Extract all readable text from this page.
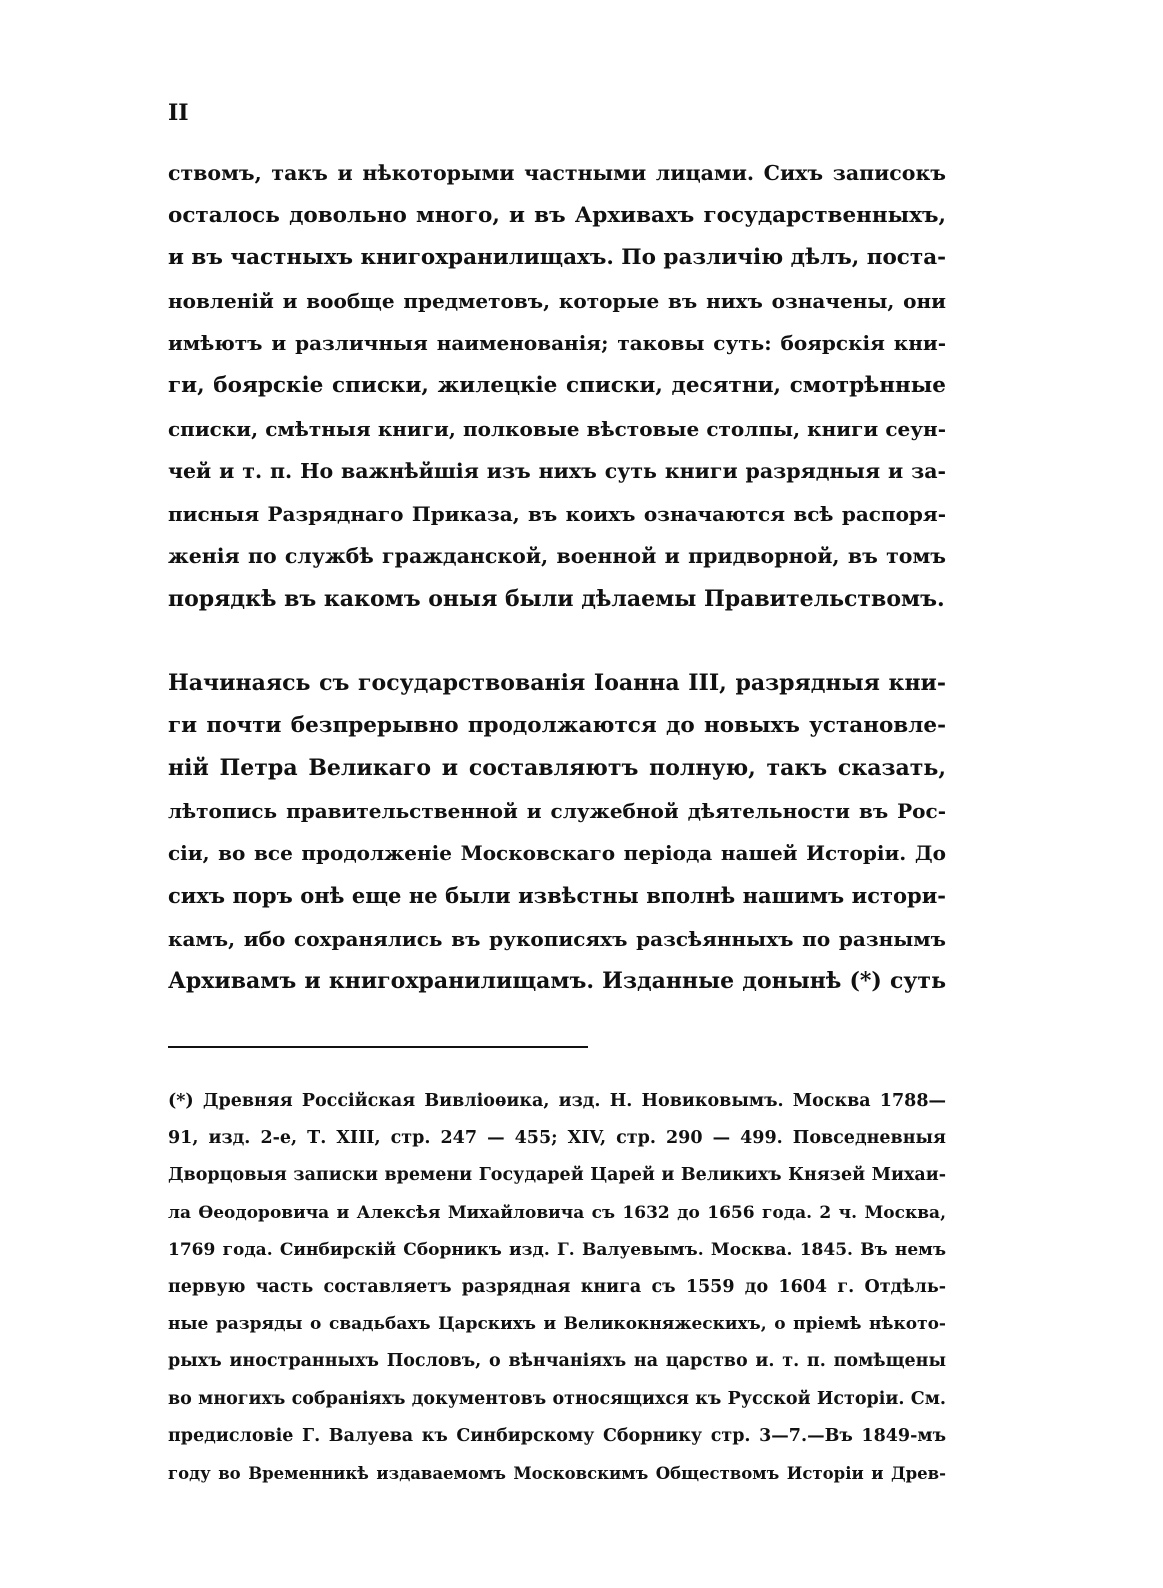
II
ствомъ, такъ и нѣкоторыми частными лицами. Сихъ записокъ
осталось довольно много, и въ Архивахъ государственныхъ,
и въ частныхъ книгохранилищахъ. По различію дѣлъ, поста-
новленій и вообще предметовъ, которые въ нихъ означены, они
имѣютъ и различныя наименованія; таковы суть: боярскія кни-
ги, боярскіе списки, жилецкіе списки, десятни, смотрѣнные
списки, смѣтныя книги, полковые вѣстовые столпы, книги сеун-
чей и т. п. Но важнѣйшія изъ нихъ суть книги разрядныя и за-
писныя Разряднаго Приказа, въ коихъ означаются всѣ распоря-
женія по службѣ гражданской, военной и придворной, въ томъ
порядкѣ въ какомъ оныя были дѣлаемы Правительствомъ.
Начинаясь съ государствованія Іоанна III, разрядныя кни-
ги почти безпрерывно продолжаются до новыхъ установле-
ній Петра Великаго и составляютъ полную, такъ сказать,
лѣтопись правительственной и служебной дѣятельности въ Рос-
сіи, во все продолженіе Московскаго періода нашей Исторіи. До
сихъ поръ онѣ еще не были извѣстны вполнѣ нашимъ истори-
камъ, ибо сохранялись въ рукописяхъ разсѣянныхъ по разнымъ
Архивамъ и книгохранилищамъ. Изданные донынѣ (*) суть
(*) Древняя Россійская Вивліоѳика, изд. Н. Новиковымъ. Москва 1788—
91, изд. 2-е, Т. XIII, стр. 247 — 455; XIV, стр. 290 — 499. Повседневныя
Дворцовыя записки времени Государей Царей и Великихъ Князей Михаи-
ла Ѳеодоровича и Алексѣя Михайловича съ 1632 до 1656 года. 2 ч. Москва,
1769 года. Синбирскій Сборникъ изд. Г. Валуевымъ. Москва. 1845. Въ немъ
первую часть составляетъ разрядная книга съ 1559 до 1604 г. Отдѣль-
ные разряды о свадьбахъ Царскихъ и Великокняжескихъ, о пріемѣ нѣкото-
рыхъ иностранныхъ Пословъ, о вѣнчаніяхъ на царство и. т. п. помѣщены
во многихъ собраніяхъ документовъ относящихся къ Русской Исторіи. См.
предисловіе Г. Валуева къ Синбирскому Сборнику стр. 3—7.—Въ 1849-мъ
году во Временникѣ издаваемомъ Московскимъ Обществомъ Исторіи и Древ-
